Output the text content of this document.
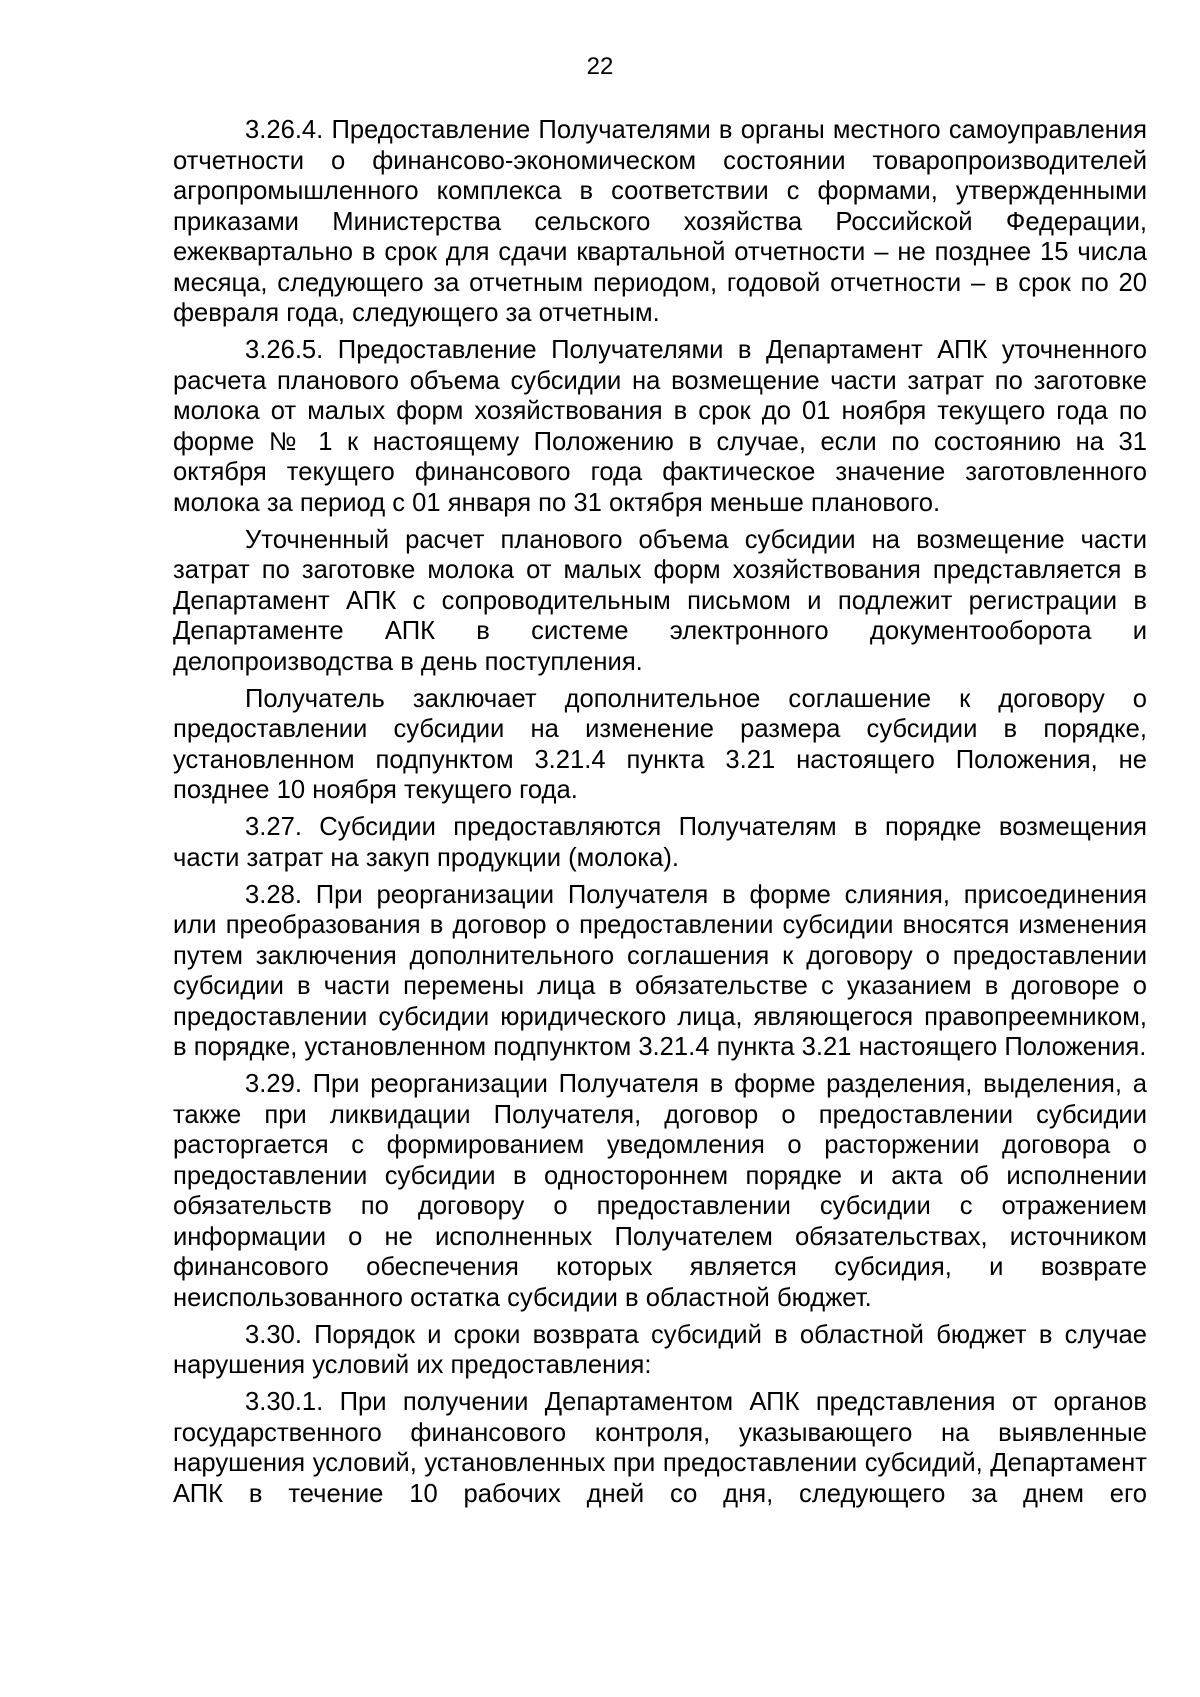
22

3.26.4. Предоставление Получателями в органы местного самоуправления отчетности о финансово-экономическом состоянии товаропроизводителей агропромышленного комплекса в соответствии с формами, утвержденными приказами Министерства сельского хозяйства Российской Федерации, ежеквартально в срок для сдачи квартальной отчетности – не позднее 15 числа месяца, следующего за отчетным периодом, годовой отчетности – в срок по 20 февраля года, следующего за отчетным.

3.26.5. Предоставление Получателями в Департамент АПК уточненного расчета планового объема субсидии на возмещение части затрат по заготовке молока от малых форм хозяйствования в срок до 01 ноября текущего года по форме № 1 к настоящему Положению в случае, если по состоянию на 31 октября текущего финансового года фактическое значение заготовленного молока за период с 01 января по 31 октября меньше планового.

Уточненный расчет планового объема субсидии на возмещение части затрат по заготовке молока от малых форм хозяйствования представляется в Департамент АПК с сопроводительным письмом и подлежит регистрации в Департаменте АПК в системе электронного документооборота и делопроизводства в день поступления.

Получатель заключает дополнительное соглашение к договору о предоставлении субсидии на изменение размера субсидии в порядке, установленном подпунктом 3.21.4 пункта 3.21 настоящего Положения, не позднее 10 ноября текущего года.

3.27. Субсидии предоставляются Получателям в порядке возмещения части затрат на закуп продукции (молока).

3.28. При реорганизации Получателя в форме слияния, присоединения или преобразования в договор о предоставлении субсидии вносятся изменения путем заключения дополнительного соглашения к договору о предоставлении субсидии в части перемены лица в обязательстве с указанием в договоре о предоставлении субсидии юридического лица, являющегося правопреемником, в порядке, установленном подпунктом 3.21.4 пункта 3.21 настоящего Положения.

3.29. При реорганизации Получателя в форме разделения, выделения, а также при ликвидации Получателя, договор о предоставлении субсидии расторгается с формированием уведомления о расторжении договора о предоставлении субсидии в одностороннем порядке и акта об исполнении обязательств по договору о предоставлении субсидии с отражением информации о не исполненных Получателем обязательствах, источником финансового обеспечения которых является субсидия, и возврате неиспользованного остатка субсидии в областной бюджет.

3.30. Порядок и сроки возврата субсидий в областной бюджет в случае нарушения условий их предоставления:

3.30.1. При получении Департаментом АПК представления от органов государственного финансового контроля, указывающего на выявленные нарушения условий, установленных при предоставлении субсидий, Департамент АПК в течение 10 рабочих дней со дня, следующего за днем его
